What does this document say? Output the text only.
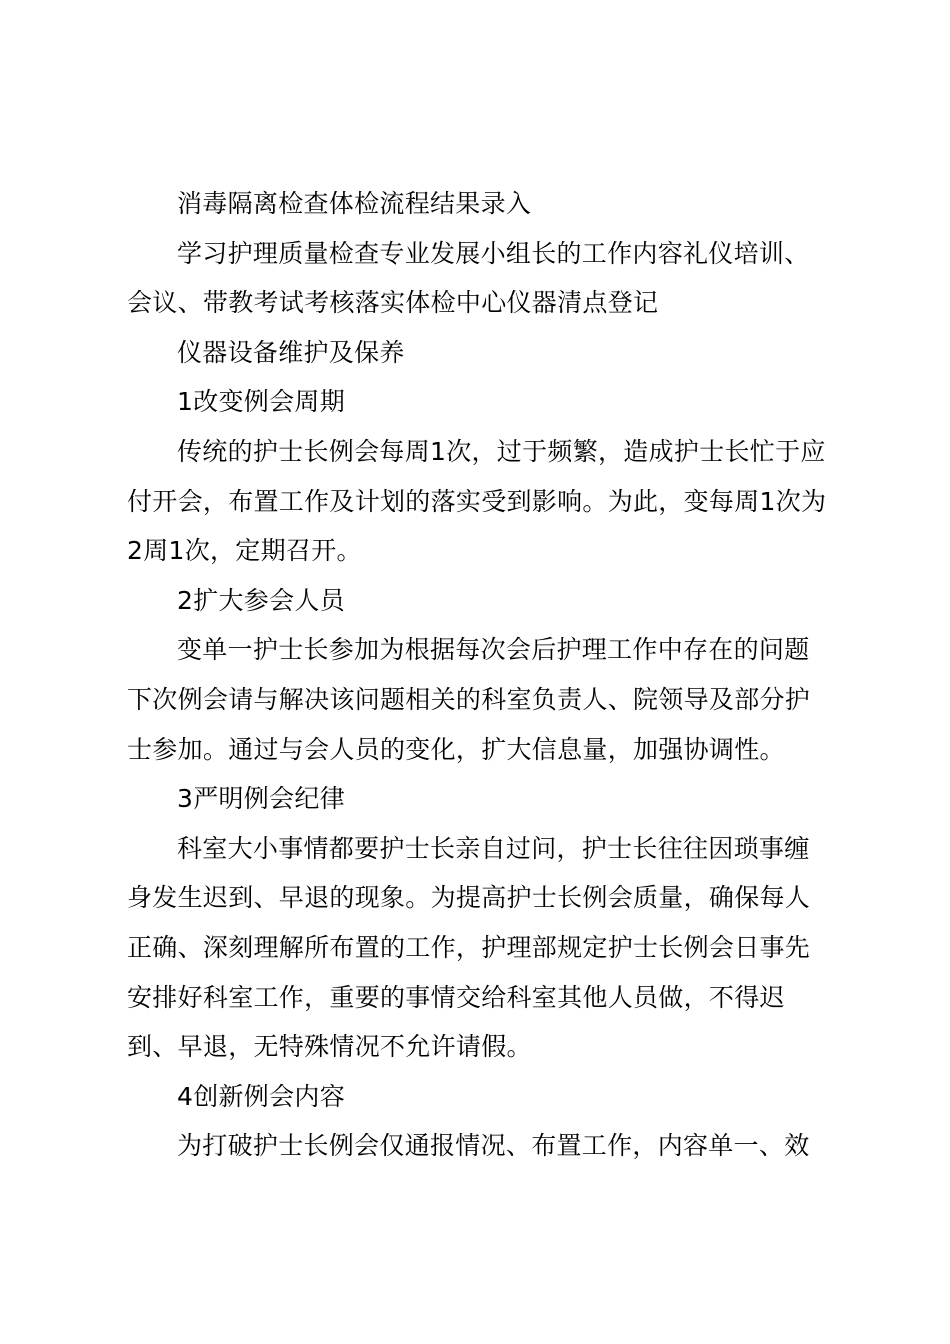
消毒隔离检查体检流程结果录入

学习护理质量检查专业发展小组长的工作内容礼仪培训、会议、带教考试考核落实体检中心仪器清点登记

仪器设备维护及保养

1改变例会周期

传统的护士长例会每周1次，过于频繁，造成护士长忙于应付开会，布置工作及计划的落实受到影响。为此，变每周1次为2周1次，定期召开。

2扩大参会人员

变单一护士长参加为根据每次会后护理工作中存在的问题下次例会请与解决该问题相关的科室负责人、院领导及部分护士参加。通过与会人员的变化，扩大信息量，加强协调性。

3严明例会纪律

科室大小事情都要护士长亲自过问，护士长往往因琐事缠身发生迟到、早退的现象。为提高护士长例会质量，确保每人正确、深刻理解所布置的工作，护理部规定护士长例会日事先安排好科室工作，重要的事情交给科室其他人员做，不得迟到、早退，无特殊情况不允许请假。

4创新例会内容

为打破护士长例会仅通报情况、布置工作，内容单一、效
